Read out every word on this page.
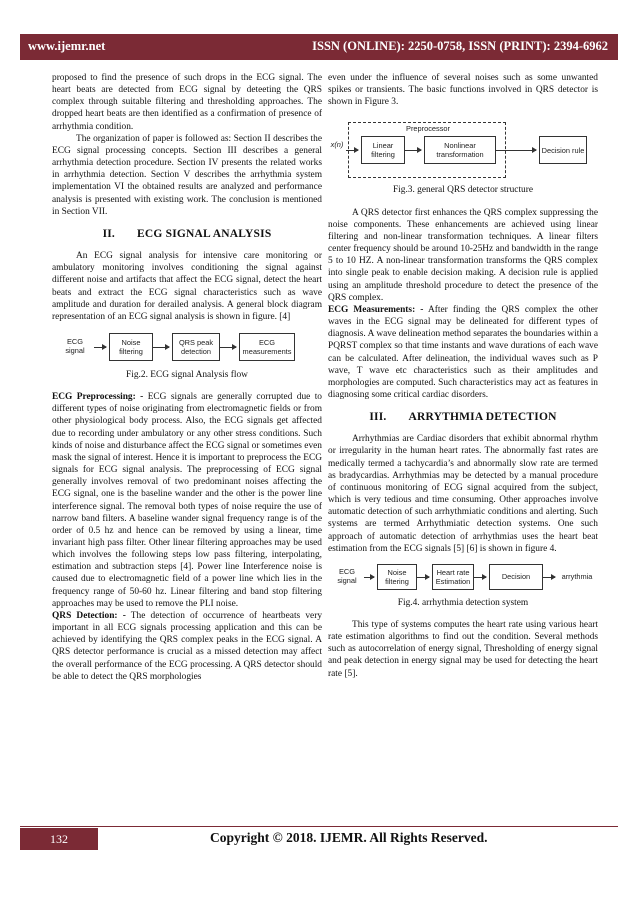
www.ijemr.net	ISSN (ONLINE): 2250-0758, ISSN (PRINT): 2394-6962

proposed to find the presence of such drops in the ECG signal. The heart beats are detected from ECG signal by deteeting the QRS complex through suitable filtering and thresholding approaches. The dropped heart beats are then identified as a confirmation of presence of arrhythmia condition.

The organization of paper is followed as: Section II describes the ECG signal processing concepts. Section III describes a general arrhythmia detection procedure. Section IV presents the related works in arrhythmia detection. Section V describes the arrhythmia system implementation VI the obtained results are analyzed and performance analysis is presented with existing work. The conclusion is mentioned in Section VII.

II. ECG SIGNAL ANALYSIS

An ECG signal analysis for intensive care monitoring or ambulatory monitoring involves conditioning the signal against different noise and artifacts that affect the ECG signal, detect the heart beats and extract the ECG signal characteristics such as wave amplitude and duration for derailed analysis. A general block diagram representation of an ECG signal analysis is shown in figure. [4]

ECG signal
Noise filtering
QRS peak detection
ECG measurements
Fig.2. ECG signal Analysis flow

ECG Preprocessing: - ECG signals are generally corrupted due to different types of noise originating from electromagnetic fields or from other physiological body process. Also, the ECG signals get affected due to recording under ambulatory or any other stress conditions. Such kinds of noise and disturbance affect the ECG signal or sometimes even mask the signal of interest. Hence it is important to preprocess the ECG signals for ECG signal analysis. The preprocessing of ECG signal generally involves removal of two predominant noises affecting the ECG signal, one is the baseline wander and the other is the power line interference signal. The removal both types of noise require the use of narrow band filters. A baseline wander signal frequency range is of the order of 0.5 hz and hence can be removed by using a linear, time invariant high pass filter. Other linear filtering approaches may be used which involves the following steps low pass filtering, interpolating, estimation and subtraction steps [4]. Power line Interference noise is caused due to electromagnetic field of a power line which lies in the frequency range of 50-60 hz. Linear filtering and band stop filtering approaches may be used to remove the PLI noise.

QRS Detection: - The detection of occurrence of heartbeats very important in all ECG signals processing application and this can be achieved by identifying the QRS complex peaks in the ECG signal. A QRS detector performance is crucial as a missed detection may affect the overall performance of the ECG processing. A QRS detector should be able to detect the QRS morphologies

even under the influence of several noises such as some unwanted spikes or transients. The basic functions involved in QRS detector is shown in Figure 3.

Preprocessor
x(n)	Linear filtering
Nonlinear transformation	Decision rule
Fig.3. general QRS detector structure

A QRS detector first enhances the QRS complex suppressing the noise components. These enhancements are achieved using linear filtering and non-linear transformation techniques. A linear filters center frequency should be around 10-25Hz and bandwidth in the range 5 to 10 HZ. A non-linear transformation transforms the QRS complex into single peak to enable decision making. A decision rule is applied using an amplitude threshold procedure to detect the presence of the QRS complex.

ECG Measurements: - After finding the QRS complex the other waves in the ECG signal may be delineated for different types of diagnosis. A wave delineation method separates the boundaries within a PQRST complex so that time instants and wave durations of each wave can be calculated. After delineation, the individual waves such as P wave, T wave etc characteristics such as their amplitudes and morphologies are computed. Such characteristics may act as features in diagnosing some critical cardiac disorders.

III. ARRYTHMIA DETECTION

Arrhythmias are Cardiac disorders that exhibit abnormal rhythm or irregularity in the human heart rates. The abnormally fast rates are medically termed a tachycardia’s and abnormally slow rate are termed as bradycardias. Arrhythmias may be detected by a manual procedure of continuous monitoring of ECG signal acquired from the subject, which is very tedious and time consuming. Other approaches involve automatic detection of such arrhythmiatic conditions and alerting. Such systems are termed Arrhythmiatic detection systems. One such approach of automatic detection of arrhythmias uses the heart beat estimation from the ECG signals [5] [6] is shown in figure 4.

ECG signal
Noise filtering
Heart rate Estimation	Decision	arrythmia
Fig.4. arrhythmia detection system

This type of systems computes the heart rate using various heart rate estimation algorithms to find out the condition. Several methods such as autocorrelation of energy signal, Thresholding of energy signal and peak detection in energy signal may be used for detecting the heart rate [5].

132	Copyright © 2018. IJEMR. All Rights Reserved.
